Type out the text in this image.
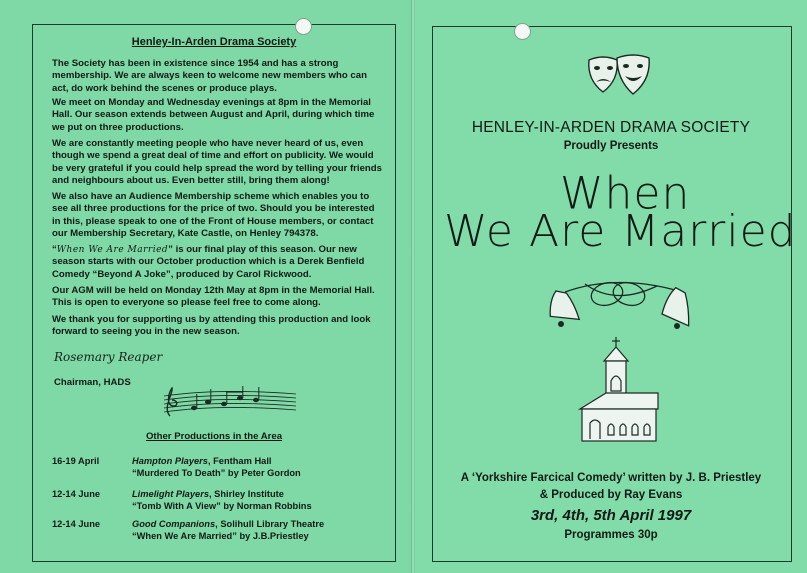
Henley-In-Arden Drama Society

The Society has been in existence since 1954 and has a strong membership. We are always keen to welcome new members who can act, do work behind the scenes or produce plays.

We meet on Monday and Wednesday evenings at 8pm in the Memorial Hall. Our season extends between August and April, during which time we put on three productions.

We are constantly meeting people who have never heard of us, even though we spend a great deal of time and effort on publicity. We would be very grateful if you could help spread the word by telling your friends and neighbours about us. Even better still, bring them along!

We also have an Audience Membership scheme which enables you to see all three productions for the price of two. Should you be interested in this, please speak to one of the Front of House members, or contact our Membership Secretary, Kate Castle, on Henley 794378.

“When We Are Married” is our final play of this season. Our new season starts with our October production which is a Derek Benfield Comedy “Beyond A Joke”, produced by Carol Rickwood.

Our AGM will be held on Monday 12th May at 8pm in the Memorial Hall. This is open to everyone so please feel free to come along.

We thank you for supporting us by attending this production and look forward to seeing you in the new season.

Rosemary Reaper
Chairman, HADS
Other Productions in the Area
16-19 April	Hampton Players, Fentham Hall
“Murdered To Death” by Peter Gordon
12-14 June	Limelight Players, Shirley Institute
“Tomb With A View” by Norman Robbins
12-14 June	Good Companions, Solihull Library Theatre
“When We Are Married” by J.B.Priestley
HENLEY-IN-ARDEN DRAMA SOCIETY
Proudly Presents
When
We Are Married
A ‘Yorkshire Farcical Comedy’ written by J. B. Priestley
& Produced by Ray Evans
3rd, 4th, 5th April 1997
Programmes 30p
